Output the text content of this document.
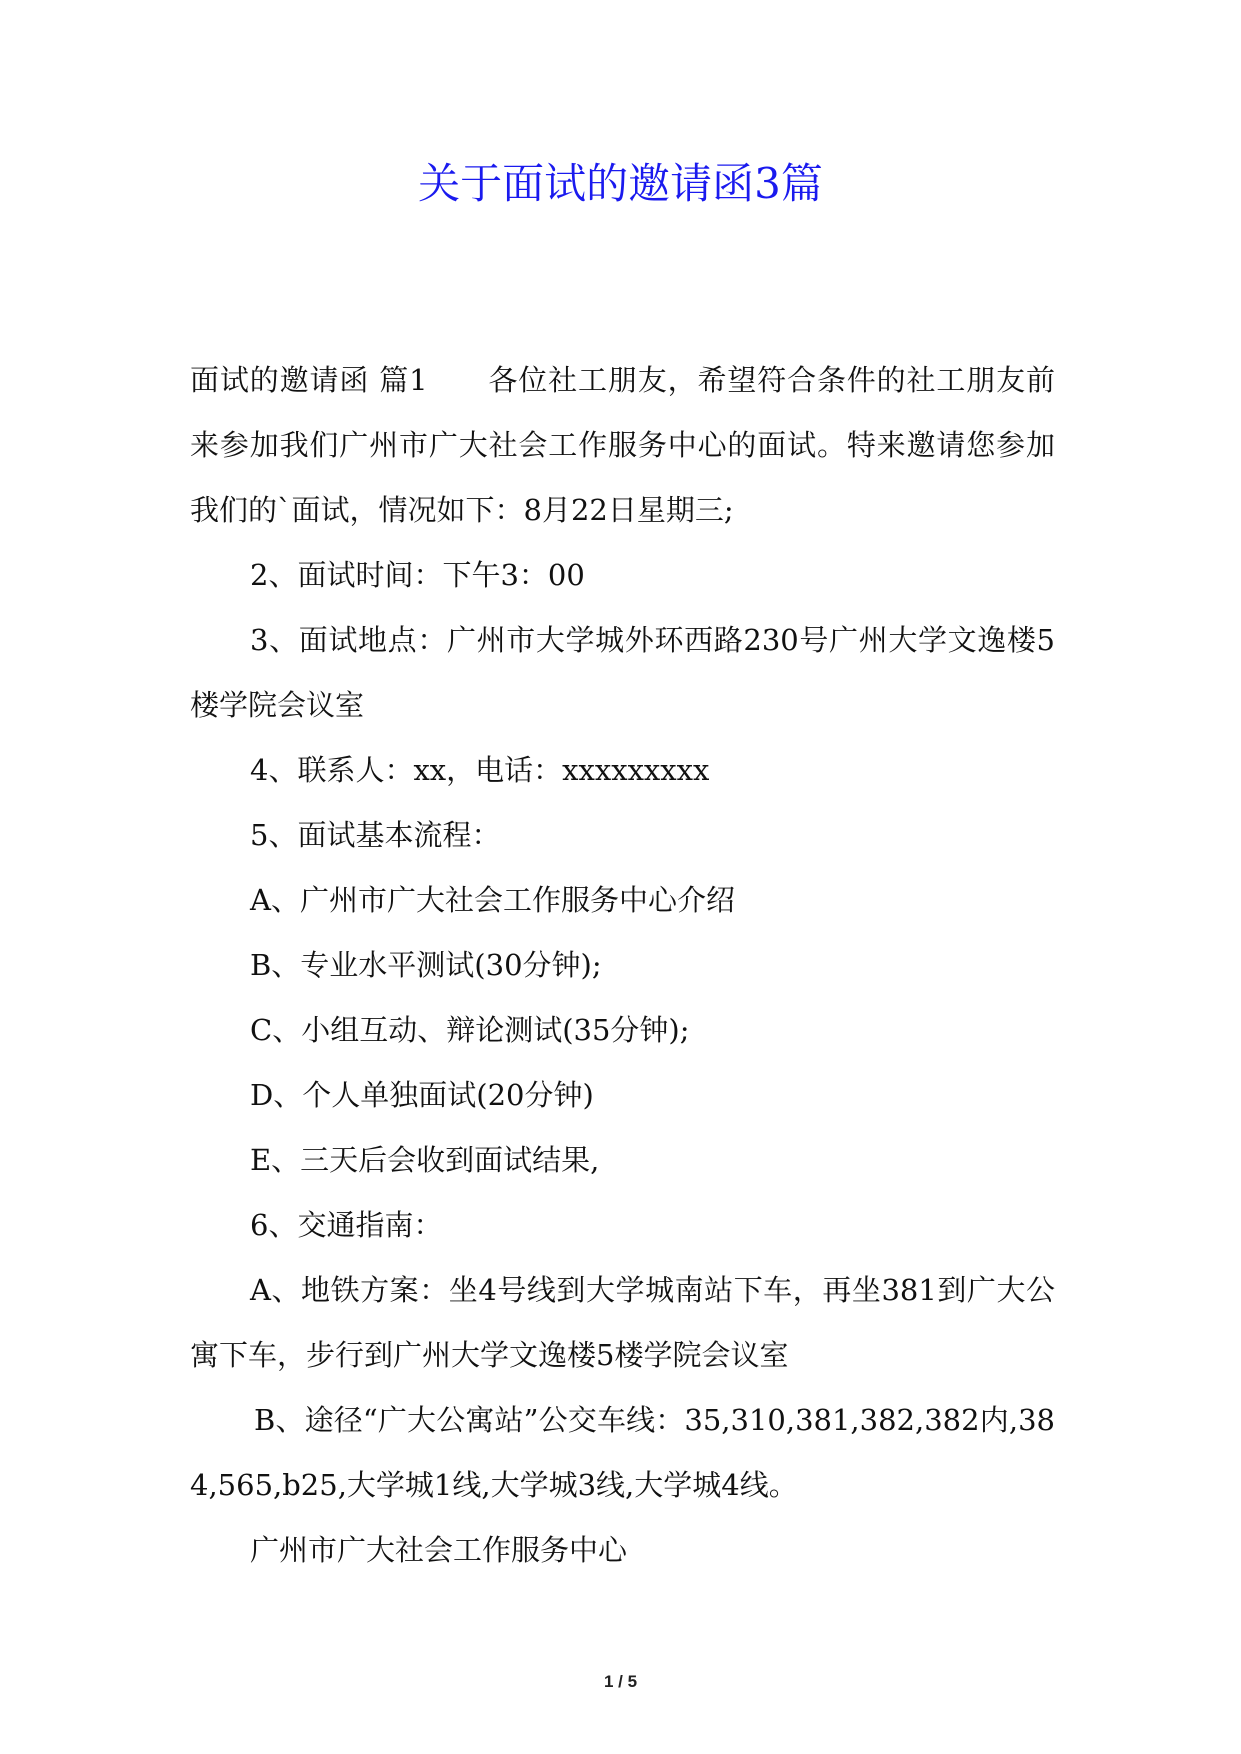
关于面试的邀请函3篇

面试的邀请函 篇1 各位社工朋友，希望符合条件的社工朋友前来参加我们广州市广大社会工作服务中心的面试。特来邀请您参加我们的`面试，情况如下：8月22日星期三;

2、面试时间：下午3：00

3、面试地点：广州市大学城外环西路230号广州大学文逸楼5楼学院会议室

4、联系人：xx，电话：xxxxxxxxx

5、面试基本流程：

A、广州市广大社会工作服务中心介绍

B、专业水平测试(30分钟);

C、小组互动、辩论测试(35分钟);

D、个人单独面试(20分钟)

E、三天后会收到面试结果,

6、交通指南：

A、地铁方案：坐4号线到大学城南站下车，再坐381到广大公寓下车，步行到广州大学文逸楼5楼学院会议室

B、途径“广大公寓站”公交车线：35,310,381,382,382内,384,565,b25,大学城1线,大学城3线,大学城4线。

广州市广大社会工作服务中心

1 / 5
